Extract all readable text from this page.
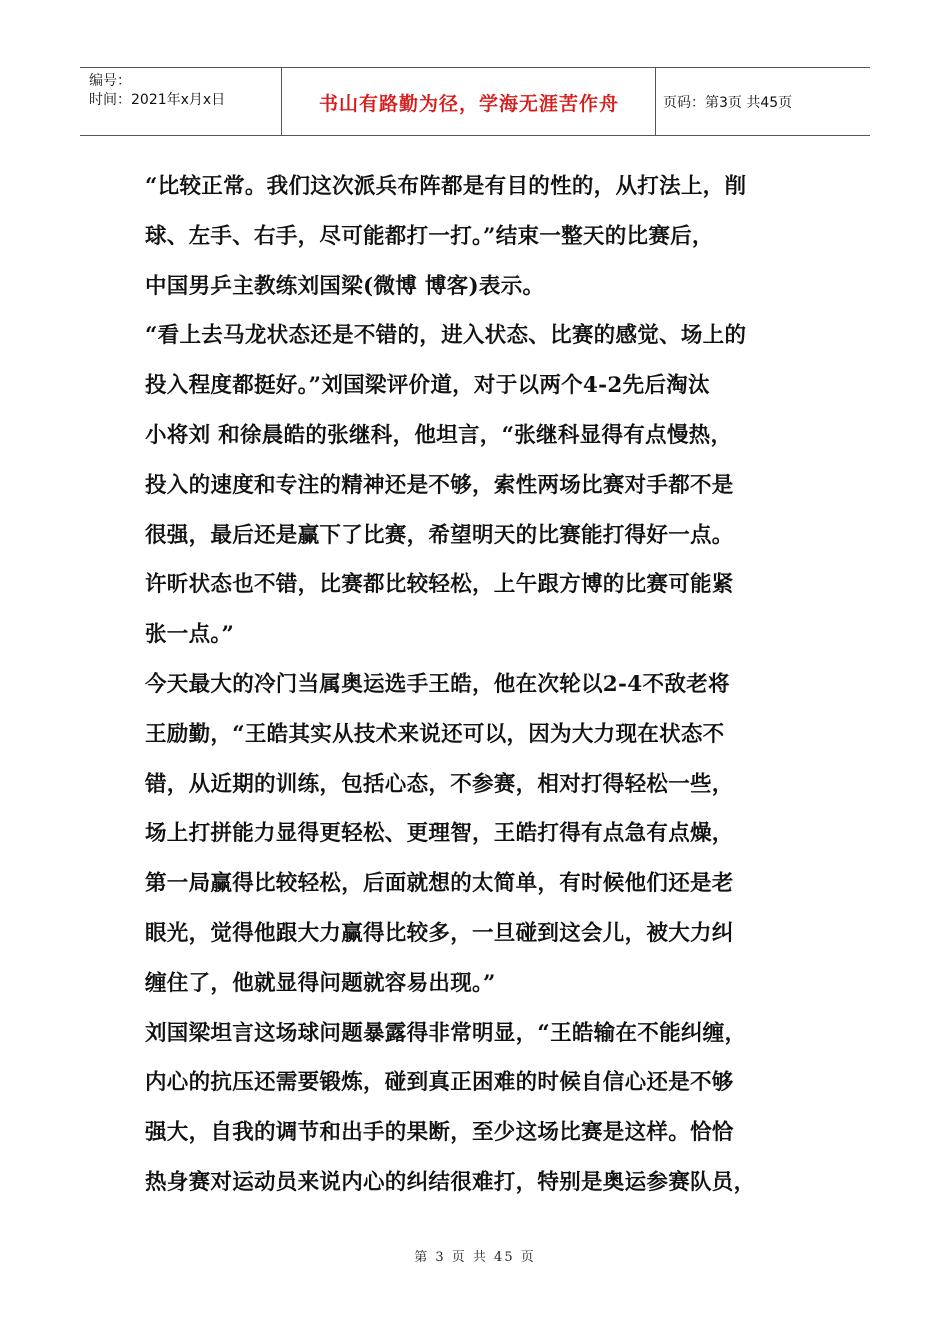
编号：
时间：2021年x月x日	书山有路勤为径，学海无涯苦作舟	页码：第3页 共45页
“比较正常。我们这次派兵布阵都是有目的性的，从打法上，削
球、左手、右手，尽可能都打一打。”结束一整天的比赛后，
中国男乒主教练刘国梁(微博 博客)表示。
“看上去马龙状态还是不错的，进入状态、比赛的感觉、场上的
投入程度都挺好。”刘国梁评价道，对于以两个4-2先后淘汰
小将刘 和徐晨皓的张继科，他坦言，“张继科显得有点慢热，
投入的速度和专注的精神还是不够，索性两场比赛对手都不是
很强，最后还是赢下了比赛，希望明天的比赛能打得好一点。
许昕状态也不错，比赛都比较轻松，上午跟方博的比赛可能紧
张一点。”
今天最大的冷门当属奥运选手王皓，他在次轮以2-4不敌老将
王励勤，“王皓其实从技术来说还可以，因为大力现在状态不
错，从近期的训练，包括心态，不参赛，相对打得轻松一些，
场上打拼能力显得更轻松、更理智，王皓打得有点急有点燥，
第一局赢得比较轻松，后面就想的太简单，有时候他们还是老
眼光，觉得他跟大力赢得比较多，一旦碰到这会儿，被大力纠
缠住了，他就显得问题就容易出现。”
刘国梁坦言这场球问题暴露得非常明显，“王皓输在不能纠缠，
内心的抗压还需要锻炼，碰到真正困难的时候自信心还是不够
强大，自我的调节和出手的果断，至少这场比赛是这样。恰恰
热身赛对运动员来说内心的纠结很难打，特别是奥运参赛队员，
第 3 页 共 45 页
